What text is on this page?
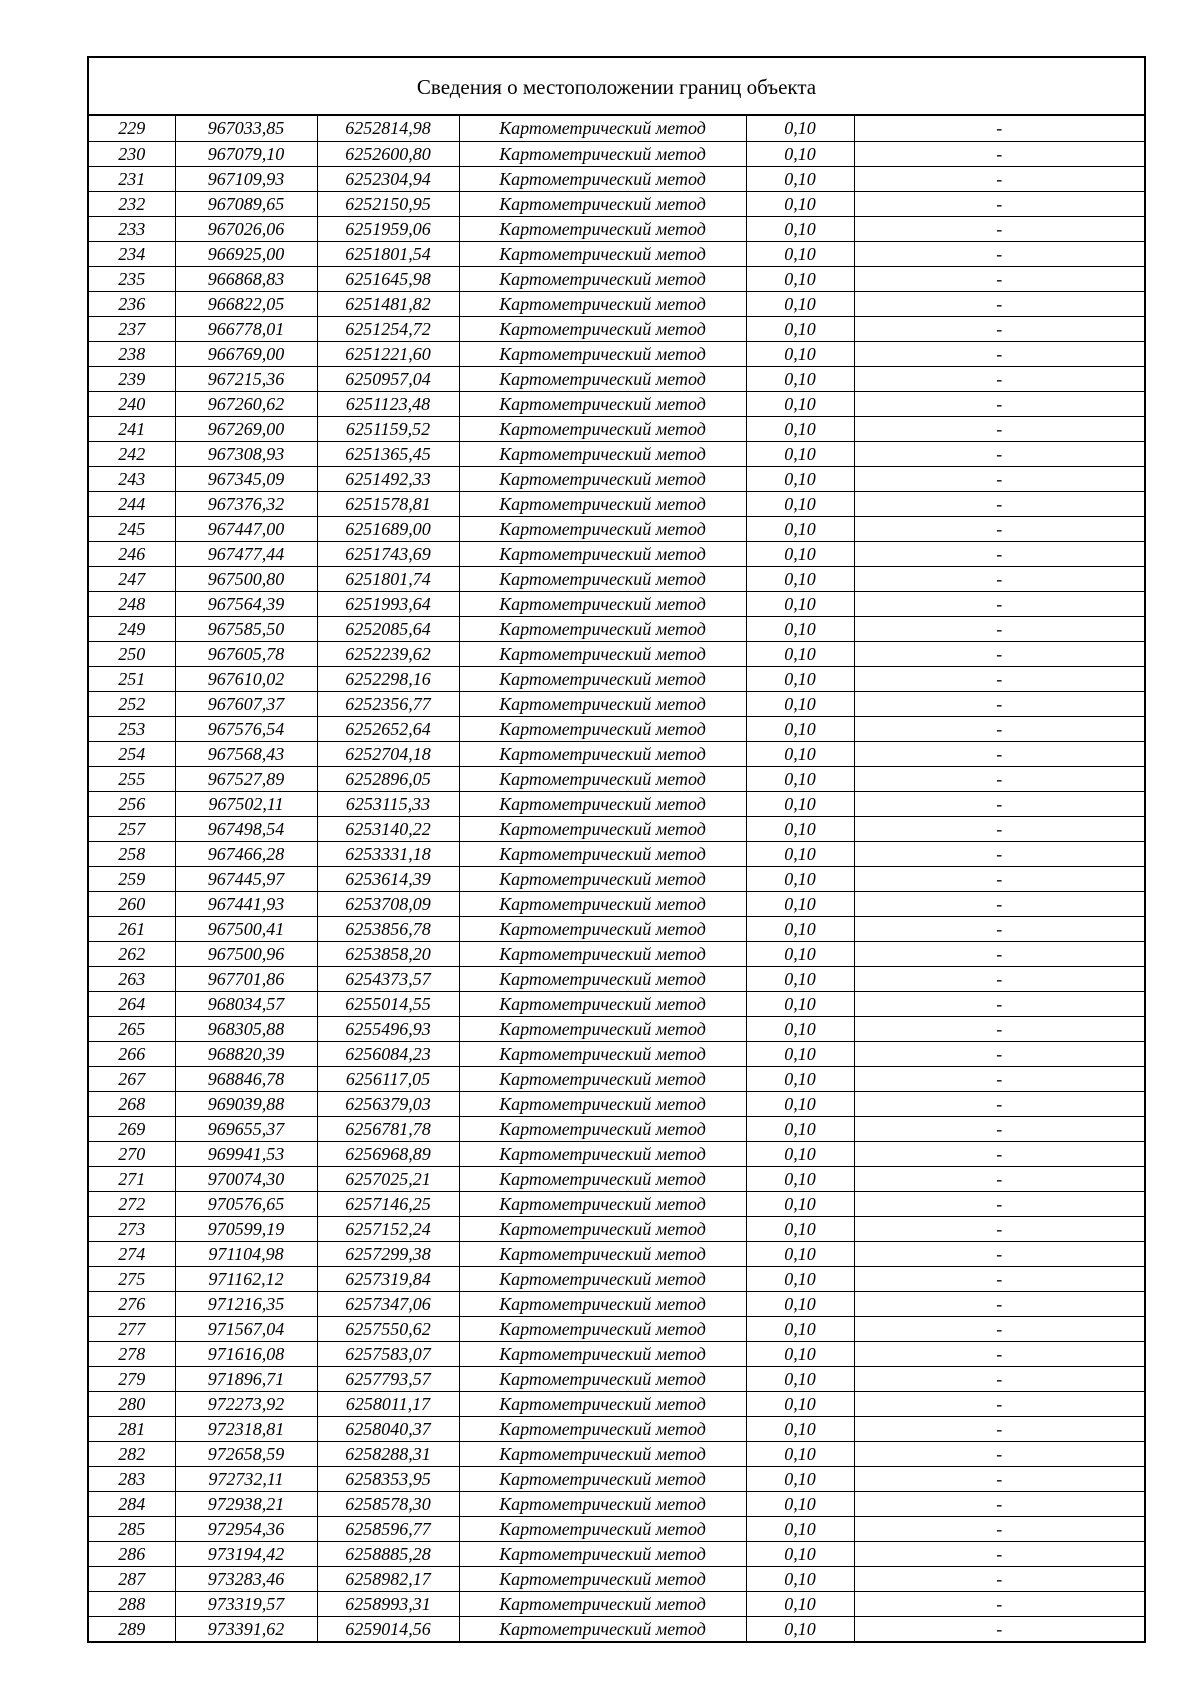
Сведения о местоположении границ объекта
229	967033,85	6252814,98	Картометрический метод	0,10	-
230	967079,10	6252600,80	Картометрический метод	0,10	-
231	967109,93	6252304,94	Картометрический метод	0,10	-
232	967089,65	6252150,95	Картометрический метод	0,10	-
233	967026,06	6251959,06	Картометрический метод	0,10	-
234	966925,00	6251801,54	Картометрический метод	0,10	-
235	966868,83	6251645,98	Картометрический метод	0,10	-
236	966822,05	6251481,82	Картометрический метод	0,10	-
237	966778,01	6251254,72	Картометрический метод	0,10	-
238	966769,00	6251221,60	Картометрический метод	0,10	-
239	967215,36	6250957,04	Картометрический метод	0,10	-
240	967260,62	6251123,48	Картометрический метод	0,10	-
241	967269,00	6251159,52	Картометрический метод	0,10	-
242	967308,93	6251365,45	Картометрический метод	0,10	-
243	967345,09	6251492,33	Картометрический метод	0,10	-
244	967376,32	6251578,81	Картометрический метод	0,10	-
245	967447,00	6251689,00	Картометрический метод	0,10	-
246	967477,44	6251743,69	Картометрический метод	0,10	-
247	967500,80	6251801,74	Картометрический метод	0,10	-
248	967564,39	6251993,64	Картометрический метод	0,10	-
249	967585,50	6252085,64	Картометрический метод	0,10	-
250	967605,78	6252239,62	Картометрический метод	0,10	-
251	967610,02	6252298,16	Картометрический метод	0,10	-
252	967607,37	6252356,77	Картометрический метод	0,10	-
253	967576,54	6252652,64	Картометрический метод	0,10	-
254	967568,43	6252704,18	Картометрический метод	0,10	-
255	967527,89	6252896,05	Картометрический метод	0,10	-
256	967502,11	6253115,33	Картометрический метод	0,10	-
257	967498,54	6253140,22	Картометрический метод	0,10	-
258	967466,28	6253331,18	Картометрический метод	0,10	-
259	967445,97	6253614,39	Картометрический метод	0,10	-
260	967441,93	6253708,09	Картометрический метод	0,10	-
261	967500,41	6253856,78	Картометрический метод	0,10	-
262	967500,96	6253858,20	Картометрический метод	0,10	-
263	967701,86	6254373,57	Картометрический метод	0,10	-
264	968034,57	6255014,55	Картометрический метод	0,10	-
265	968305,88	6255496,93	Картометрический метод	0,10	-
266	968820,39	6256084,23	Картометрический метод	0,10	-
267	968846,78	6256117,05	Картометрический метод	0,10	-
268	969039,88	6256379,03	Картометрический метод	0,10	-
269	969655,37	6256781,78	Картометрический метод	0,10	-
270	969941,53	6256968,89	Картометрический метод	0,10	-
271	970074,30	6257025,21	Картометрический метод	0,10	-
272	970576,65	6257146,25	Картометрический метод	0,10	-
273	970599,19	6257152,24	Картометрический метод	0,10	-
274	971104,98	6257299,38	Картометрический метод	0,10	-
275	971162,12	6257319,84	Картометрический метод	0,10	-
276	971216,35	6257347,06	Картометрический метод	0,10	-
277	971567,04	6257550,62	Картометрический метод	0,10	-
278	971616,08	6257583,07	Картометрический метод	0,10	-
279	971896,71	6257793,57	Картометрический метод	0,10	-
280	972273,92	6258011,17	Картометрический метод	0,10	-
281	972318,81	6258040,37	Картометрический метод	0,10	-
282	972658,59	6258288,31	Картометрический метод	0,10	-
283	972732,11	6258353,95	Картометрический метод	0,10	-
284	972938,21	6258578,30	Картометрический метод	0,10	-
285	972954,36	6258596,77	Картометрический метод	0,10	-
286	973194,42	6258885,28	Картометрический метод	0,10	-
287	973283,46	6258982,17	Картометрический метод	0,10	-
288	973319,57	6258993,31	Картометрический метод	0,10	-
289	973391,62	6259014,56	Картометрический метод	0,10	-
